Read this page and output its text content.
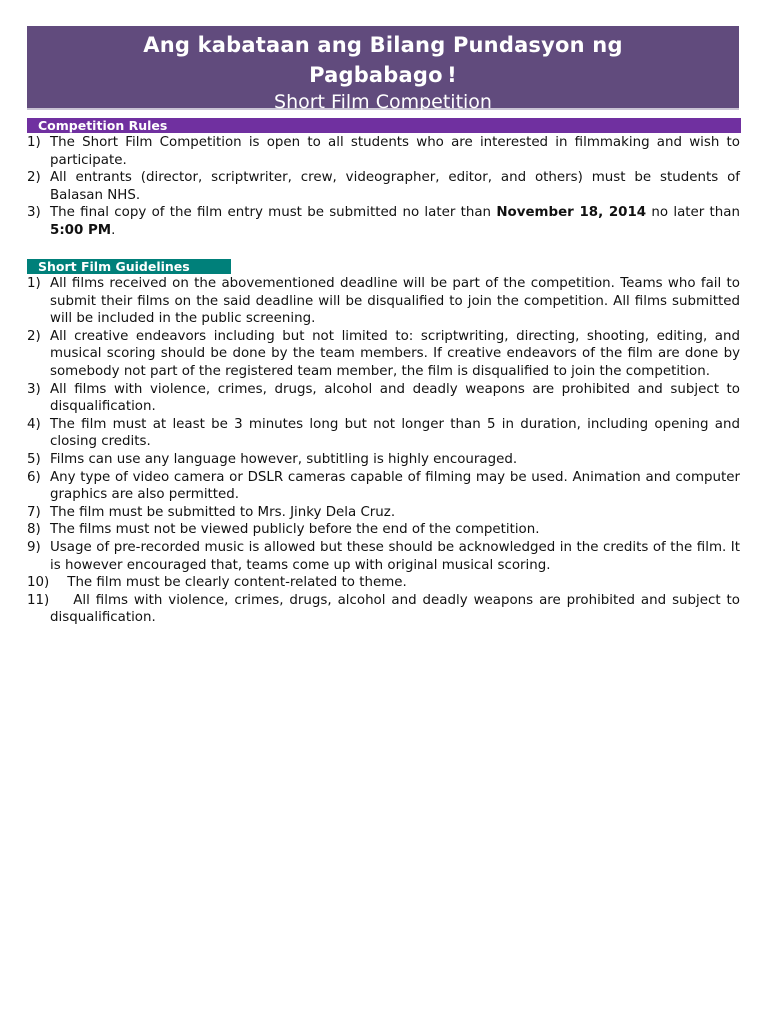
Ang kabataan ang Bilang Pundasyon ng Pagbabago !
Short Film Competition
Competition Rules
1) The Short Film Competition is open to all students who are interested in filmmaking and wish to participate.
2) All entrants (director, scriptwriter, crew, videographer, editor, and others) must be students of Balasan NHS.
3) The final copy of the film entry must be submitted no later than November 18, 2014 no later than 5:00 PM.
Short Film Guidelines
1) All films received on the abovementioned deadline will be part of the competition. Teams who fail to submit their films on the said deadline will be disqualified to join the competition. All films submitted will be included in the public screening.
2) All creative endeavors including but not limited to: scriptwriting, directing, shooting, editing, and musical scoring should be done by the team members. If creative endeavors of the film are done by somebody not part of the registered team member, the film is disqualified to join the competition.
3) All films with violence, crimes, drugs, alcohol and deadly weapons are prohibited and subject to disqualification.
4) The film must at least be 3 minutes long but not longer than 5 in duration, including opening and closing credits.
5) Films can use any language however, subtitling is highly encouraged.
6) Any type of video camera or DSLR cameras capable of filming may be used. Animation and computer graphics are also permitted.
7) The film must be submitted to Mrs. Jinky Dela Cruz.
8) The films must not be viewed publicly before the end of the competition.
9) Usage of pre-recorded music is allowed but these should be acknowledged in the credits of the film. It is however encouraged that, teams come up with original musical scoring.
10) The film must be clearly content-related to theme.
11) All films with violence, crimes, drugs, alcohol and deadly weapons are prohibited and subject to disqualification.
